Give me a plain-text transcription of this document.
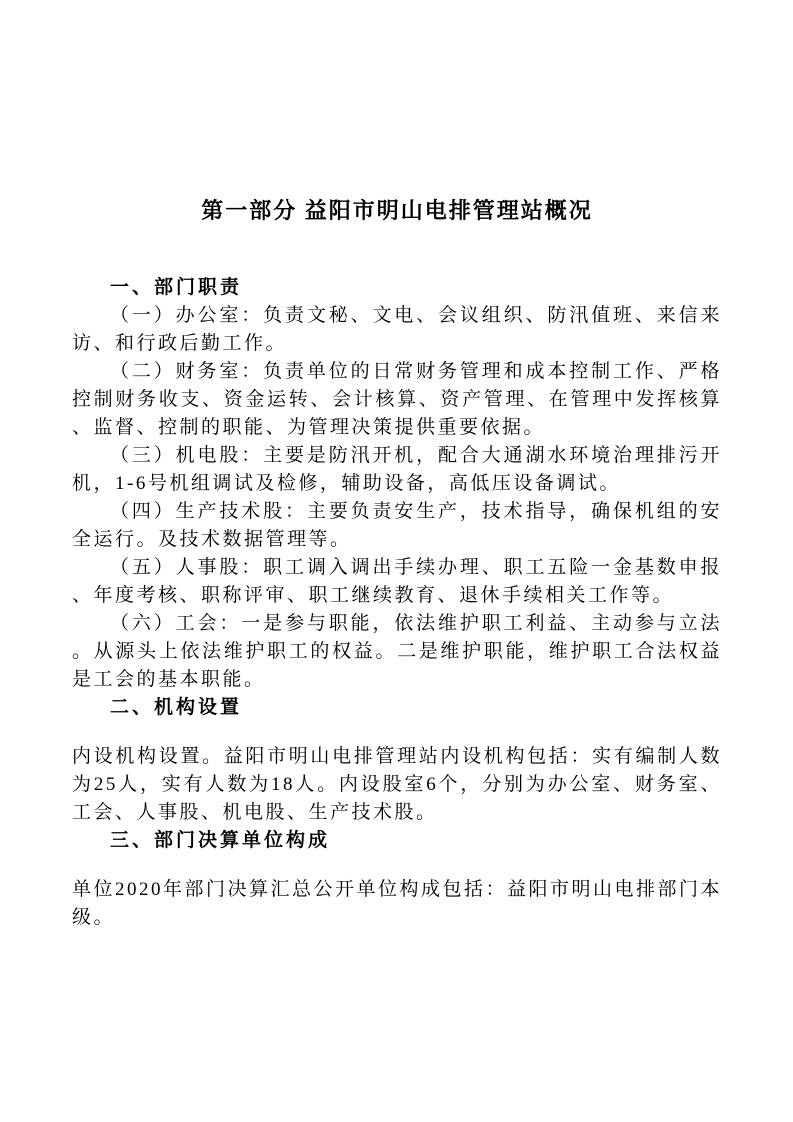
第一部分 益阳市明山电排管理站概况
一、部门职责

（一）办公室：负责文秘、文电、会议组织、防汛值班、来信来访、和行政后勤工作。

（二）财务室：负责单位的日常财务管理和成本控制工作、严格控制财务收支、资金运转、会计核算、资产管理、在管理中发挥核算、监督、控制的职能、为管理决策提供重要依据。

（三）机电股：主要是防汛开机，配合大通湖水环境治理排污开机，1-6号机组调试及检修，辅助设备，高低压设备调试。

（四）生产技术股：主要负责安生产，技术指导，确保机组的安全运行。及技术数据管理等。

（五）人事股：职工调入调出手续办理、职工五险一金基数申报、年度考核、职称评审、职工继续教育、退休手续相关工作等。

（六）工会：一是参与职能，依法维护职工利益、主动参与立法。从源头上依法维护职工的权益。二是维护职能，维护职工合法权益是工会的基本职能。

二、机构设置

内设机构设置。益阳市明山电排管理站内设机构包括：实有编制人数为25人，实有人数为18人。内设股室6个，分别为办公室、财务室、工会、人事股、机电股、生产技术股。

三、部门决算单位构成

单位2020年部门决算汇总公开单位构成包括：益阳市明山电排部门本级。
